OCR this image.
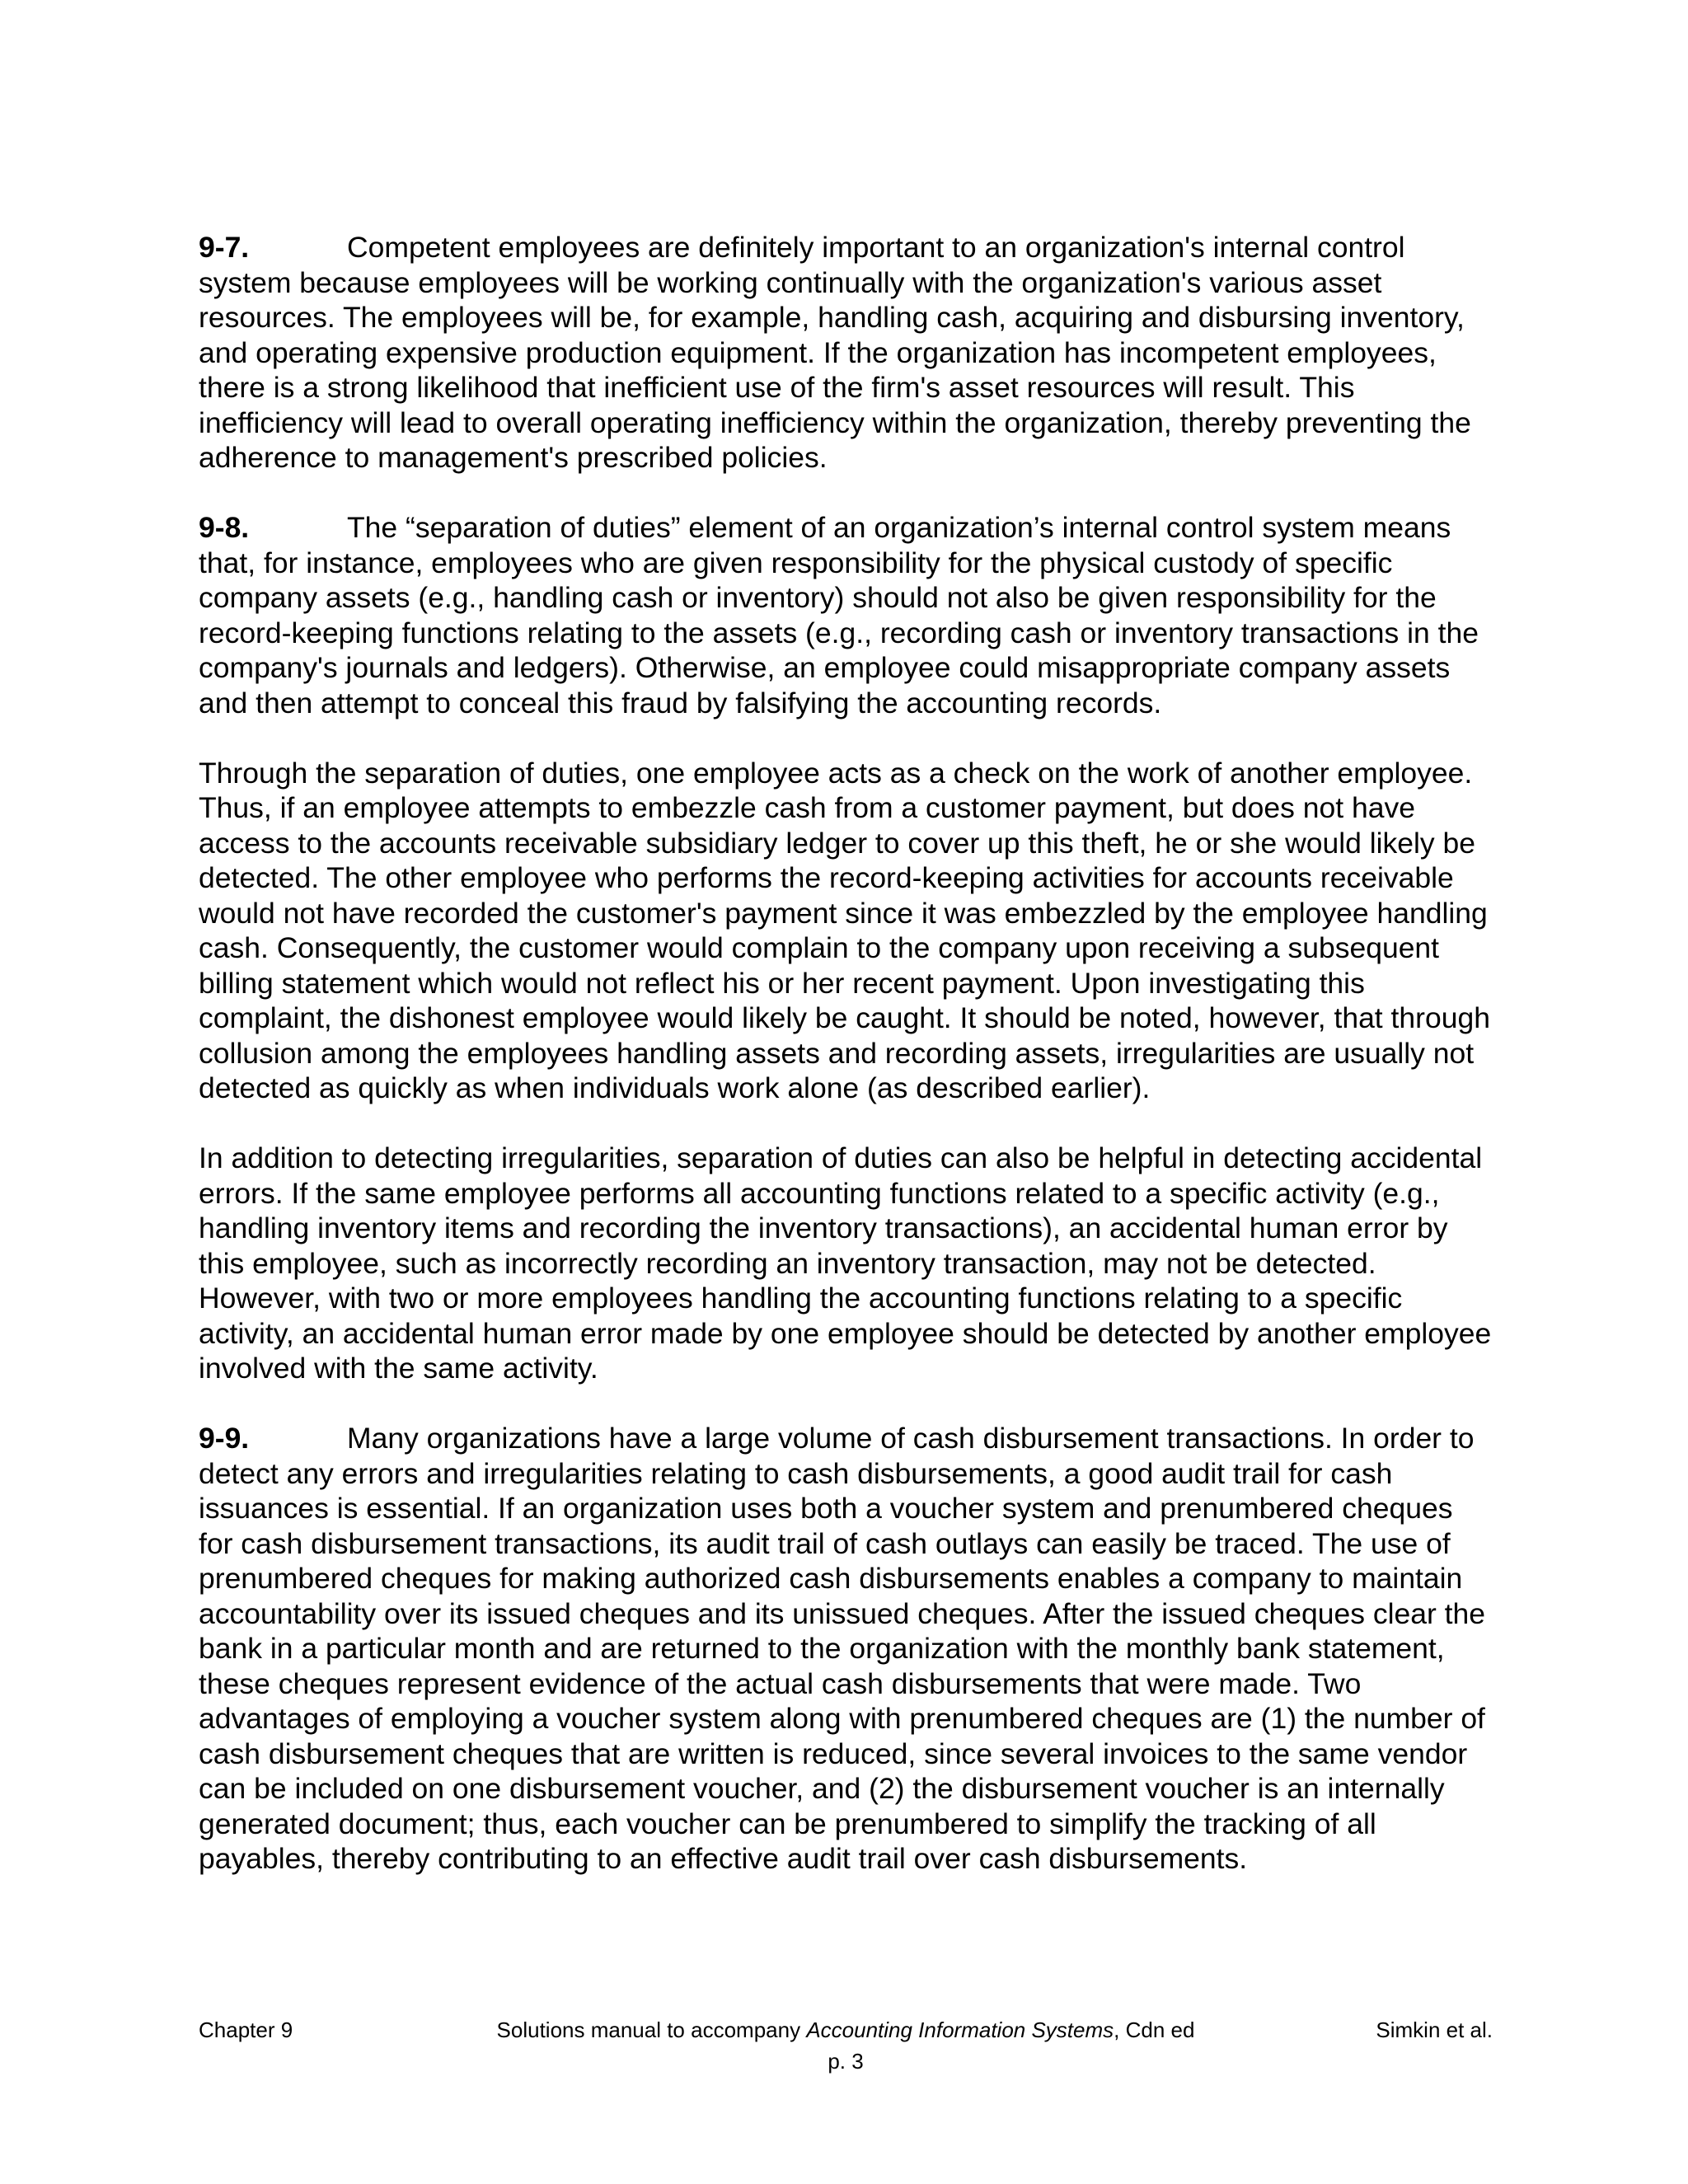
9-7.	Competent employees are definitely important to an organization's internal control system because employees will be working continually with the organization's various asset resources. The employees will be, for example, handling cash, acquiring and disbursing inventory, and operating expensive production equipment. If the organization has incompetent employees, there is a strong likelihood that inefficient use of the firm's asset resources will result. This inefficiency will lead to overall operating inefficiency within the organization, thereby preventing the adherence to management's prescribed policies.

9-8.	The “separation of duties” element of an organization’s internal control system means that, for instance, employees who are given responsibility for the physical custody of specific company assets (e.g., handling cash or inventory) should not also be given responsibility for the record-keeping functions relating to the assets (e.g., recording cash or inventory transactions in the company's journals and ledgers). Otherwise, an employee could misappropriate company assets and then attempt to conceal this fraud by falsifying the accounting records.

Through the separation of duties, one employee acts as a check on the work of another employee. Thus, if an employee attempts to embezzle cash from a customer payment, but does not have access to the accounts receivable subsidiary ledger to cover up this theft, he or she would likely be detected. The other employee who performs the record-keeping activities for accounts receivable would not have recorded the customer's payment since it was embezzled by the employee handling cash. Consequently, the customer would complain to the company upon receiving a subsequent billing statement which would not reflect his or her recent payment. Upon investigating this complaint, the dishonest employee would likely be caught. It should be noted, however, that through collusion among the employees handling assets and recording assets, irregularities are usually not detected as quickly as when individuals work alone (as described earlier).

In addition to detecting irregularities, separation of duties can also be helpful in detecting accidental errors. If the same employee performs all accounting functions related to a specific activity (e.g., handling inventory items and recording the inventory transactions), an accidental human error by this employee, such as incorrectly recording an inventory transaction, may not be detected. However, with two or more employees handling the accounting functions relating to a specific activity, an accidental human error made by one employee should be detected by another employee involved with the same activity.

9-9.	Many organizations have a large volume of cash disbursement transactions. In order to detect any errors and irregularities relating to cash disbursements, a good audit trail for cash issuances is essential. If an organization uses both a voucher system and prenumbered cheques for cash disbursement transactions, its audit trail of cash outlays can easily be traced. The use of prenumbered cheques for making authorized cash disbursements enables a company to maintain accountability over its issued cheques and its unissued cheques. After the issued cheques clear the bank in a particular month and are returned to the organization with the monthly bank statement, these cheques represent evidence of the actual cash disbursements that were made. Two advantages of employing a voucher system along with prenumbered cheques are (1) the number of cash disbursement cheques that are written is reduced, since several invoices to the same vendor can be included on one disbursement voucher, and (2) the disbursement voucher is an internally generated document; thus, each voucher can be prenumbered to simplify the tracking of all payables, thereby contributing to an effective audit trail over cash disbursements.

Chapter 9	Solutions manual to accompany Accounting Information Systems, Cdn ed	Simkin et al.
p. 3
